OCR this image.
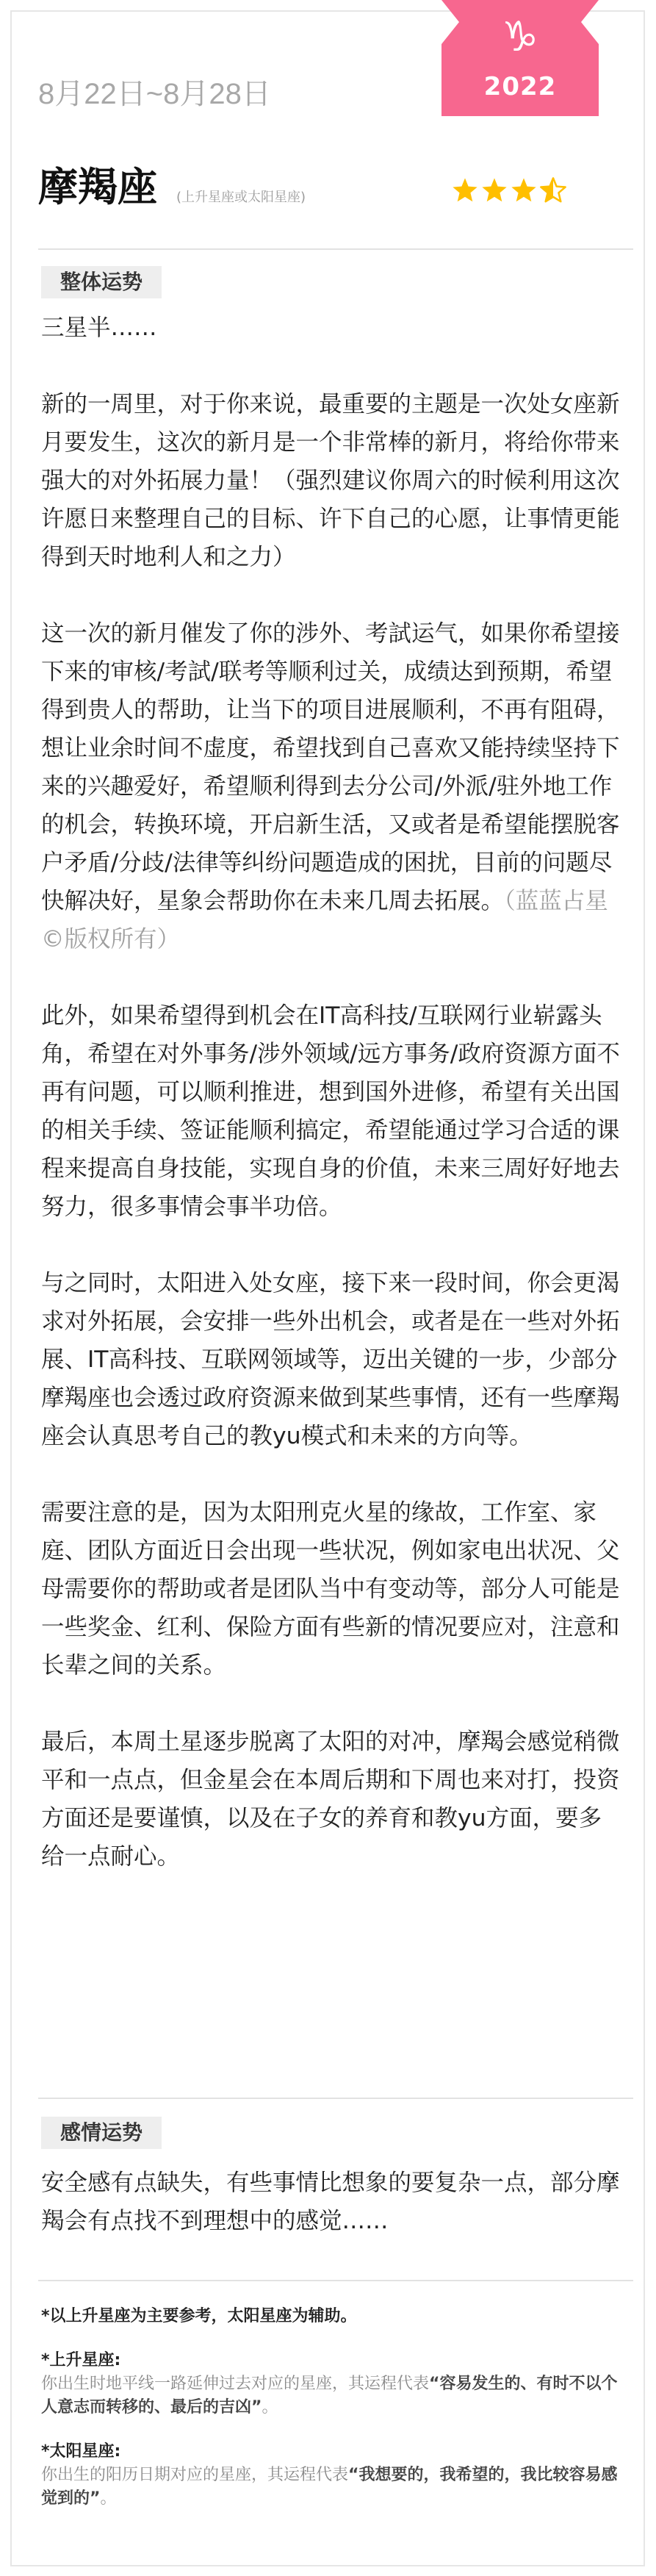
♑
2022
8月22日~8月28日
摩羯座 (上升星座或太阳星座)
整体运势

三星半……

新的一周里，对于你来说，最重要的主题是一次处女座新月要发生，这次的新月是一个非常棒的新月，将给你带来强大的对外拓展力量！（强烈建议你周六的时候利用这次许愿日来整理自己的目标、许下自己的心愿，让事情更能得到天时地利人和之力）

这一次的新月催发了你的涉外、考試运气，如果你希望接下来的审核/考試/联考等顺利过关，成绩达到预期，希望得到贵人的帮助，让当下的项目进展顺利，不再有阻碍，想让业余时间不虚度，希望找到自己喜欢又能持续坚持下来的兴趣爱好，希望顺利得到去分公司/外派/驻外地工作的机会，转换环境，开启新生活，又或者是希望能摆脱客户矛盾/分歧/法律等纠纷问题造成的困扰，目前的问题尽快解决好，星象会帮助你在未来几周去拓展。（蓝蓝占星©版权所有）

此外，如果希望得到机会在IT高科技/互联网行业崭露头角，希望在对外事务/涉外领域/远方事务/政府资源方面不再有问题，可以顺利推进，想到国外进修，希望有关出国的相关手续、签证能顺利搞定，希望能通过学习合适的课程来提高自身技能，实现自身的价值，未来三周好好地去努力，很多事情会事半功倍。

与之同时，太阳进入处女座，接下来一段时间，你会更渴求对外拓展，会安排一些外出机会，或者是在一些对外拓展、IT高科技、互联网领域等，迈出关键的一步，少部分摩羯座也会透过政府资源来做到某些事情，还有一些摩羯座会认真思考自己的教yu模式和未来的方向等。

需要注意的是，因为太阳刑克火星的缘故，工作室、家庭、团队方面近日会出现一些状况，例如家电出状况、父母需要你的帮助或者是团队当中有变动等，部分人可能是一些奖金、红利、保险方面有些新的情况要应对，注意和长辈之间的关系。

最后，本周土星逐步脱离了太阳的对冲，摩羯会感觉稍微平和一点点，但金星会在本周后期和下周也来对打，投资方面还是要谨慎，以及在子女的养育和教yu方面，要多给一点耐心。

感情运势

安全感有点缺失，有些事情比想象的要复杂一点，部分摩羯会有点找不到理想中的感觉……

*以上升星座为主要参考，太阳星座为辅助。
*上升星座:
你出生时地平线一路延伸过去对应的星座，其运程代表“容易发生的、有时不以个人意志而转移的、最后的吉凶”。
*太阳星座:
你出生的阳历日期对应的星座，其运程代表“我想要的，我希望的，我比较容易感觉到的”。
